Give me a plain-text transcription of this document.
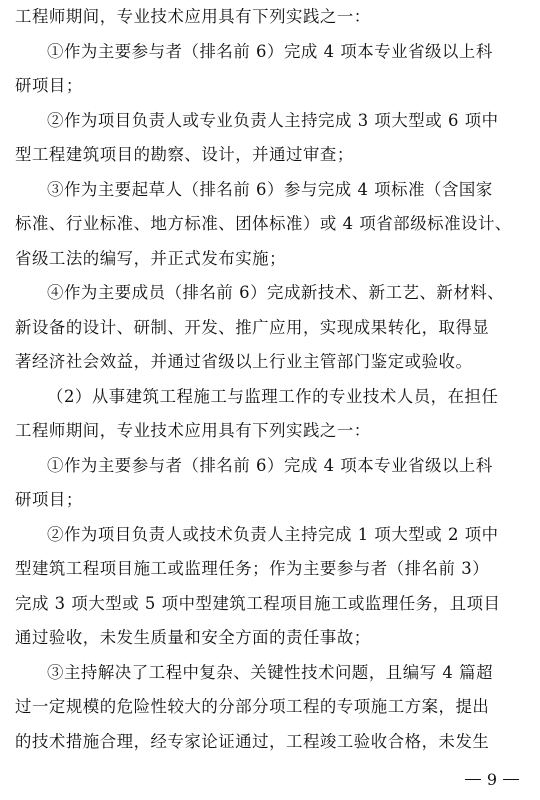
工程师期间，专业技术应用具有下列实践之一：
①作为主要参与者（排名前 6）完成 4 项本专业省级以上科
研项目；
②作为项目负责人或专业负责人主持完成 3 项大型或 6 项中
型工程建筑项目的勘察、设计，并通过审查；
③作为主要起草人（排名前 6）参与完成 4 项标准（含国家
标准、行业标准、地方标准、团体标准）或 4 项省部级标准设计、
省级工法的编写，并正式发布实施；
④作为主要成员（排名前 6）完成新技术、新工艺、新材料、
新设备的设计、研制、开发、推广应用，实现成果转化，取得显
著经济社会效益，并通过省级以上行业主管部门鉴定或验收。
（2）从事建筑工程施工与监理工作的专业技术人员，在担任
工程师期间，专业技术应用具有下列实践之一：
①作为主要参与者（排名前 6）完成 4 项本专业省级以上科
研项目；
②作为项目负责人或技术负责人主持完成 1 项大型或 2 项中
型建筑工程项目施工或监理任务；作为主要参与者（排名前 3）
完成 3 项大型或 5 项中型建筑工程项目施工或监理任务，且项目
通过验收，未发生质量和安全方面的责任事故；
③主持解决了工程中复杂、关键性技术问题，且编写 4 篇超
过一定规模的危险性较大的分部分项工程的专项施工方案，提出
的技术措施合理，经专家论证通过，工程竣工验收合格，未发生
9
